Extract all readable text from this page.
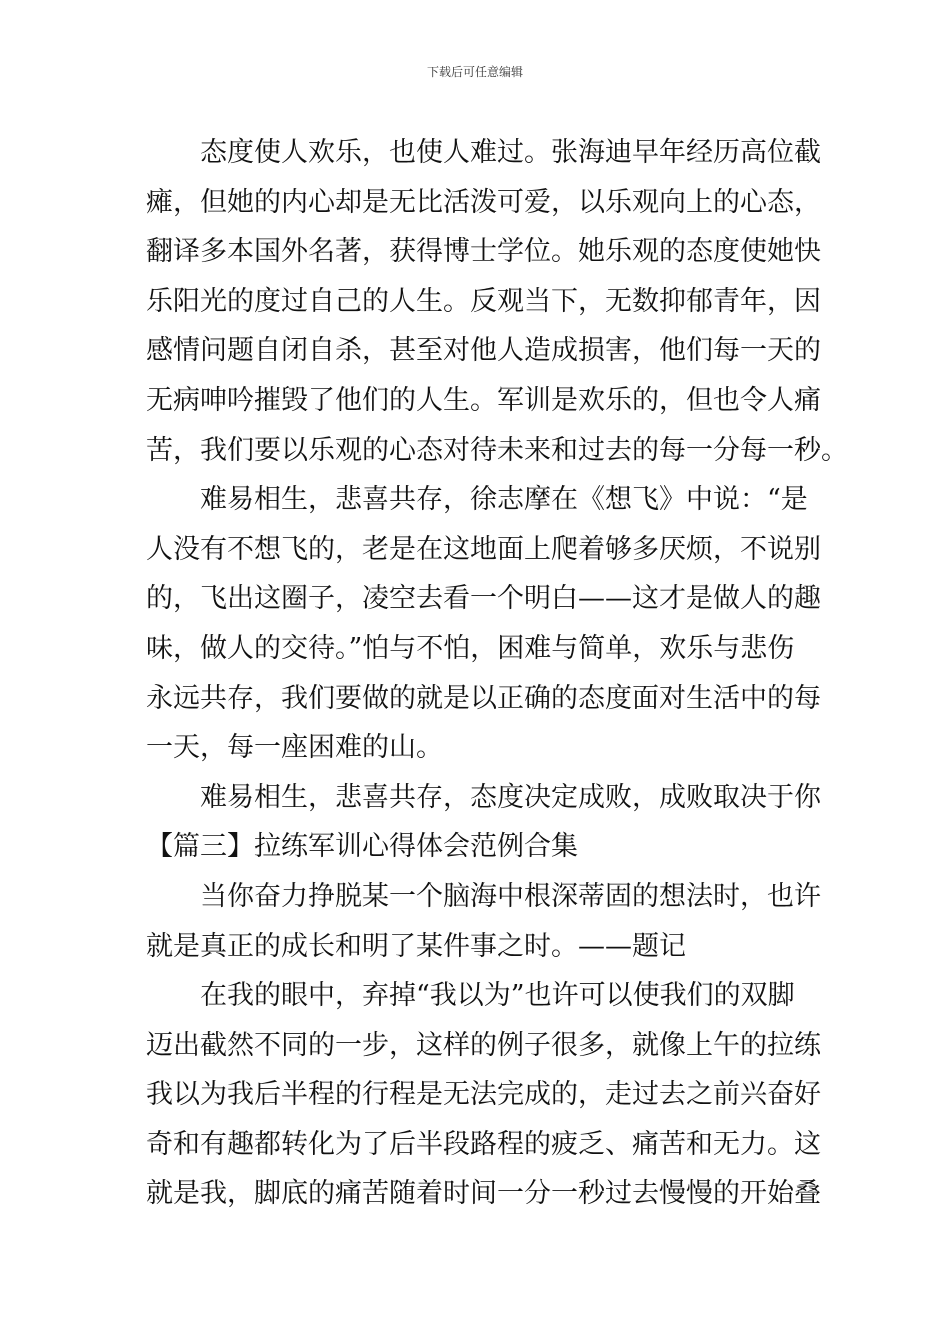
下载后可任意编辑
态度使人欢乐，也使人难过。张海迪早年经历高位截
瘫，但她的内心却是无比活泼可爱，以乐观向上的心态，
翻译多本国外名著，获得博士学位。她乐观的态度使她快
乐阳光的度过自己的人生。反观当下，无数抑郁青年，因
感情问题自闭自杀，甚至对他人造成损害，他们每一天的
无病呻吟摧毁了他们的人生。军训是欢乐的，但也令人痛
苦，我们要以乐观的心态对待未来和过去的每一分每一秒。
难易相生，悲喜共存，徐志摩在《想飞》中说：“是
人没有不想飞的，老是在这地面上爬着够多厌烦，不说别
的，飞出这圈子，凌空去看一个明白——这才是做人的趣
味，做人的交待。”怕与不怕，困难与简单，欢乐与悲伤
永远共存，我们要做的就是以正确的态度面对生活中的每
一天，每一座困难的山。
难易相生，悲喜共存，态度决定成败，成败取决于你
【篇三】拉练军训心得体会范例合集
当你奋力挣脱某一个脑海中根深蒂固的想法时，也许
就是真正的成长和明了某件事之时。——题记
在我的眼中，弃掉“我以为”也许可以使我们的双脚
迈出截然不同的一步，这样的例子很多，就像上午的拉练
我以为我后半程的行程是无法完成的，走过去之前兴奋好
奇和有趣都转化为了后半段路程的疲乏、痛苦和无力。这
就是我，脚底的痛苦随着时间一分一秒过去慢慢的开始叠
